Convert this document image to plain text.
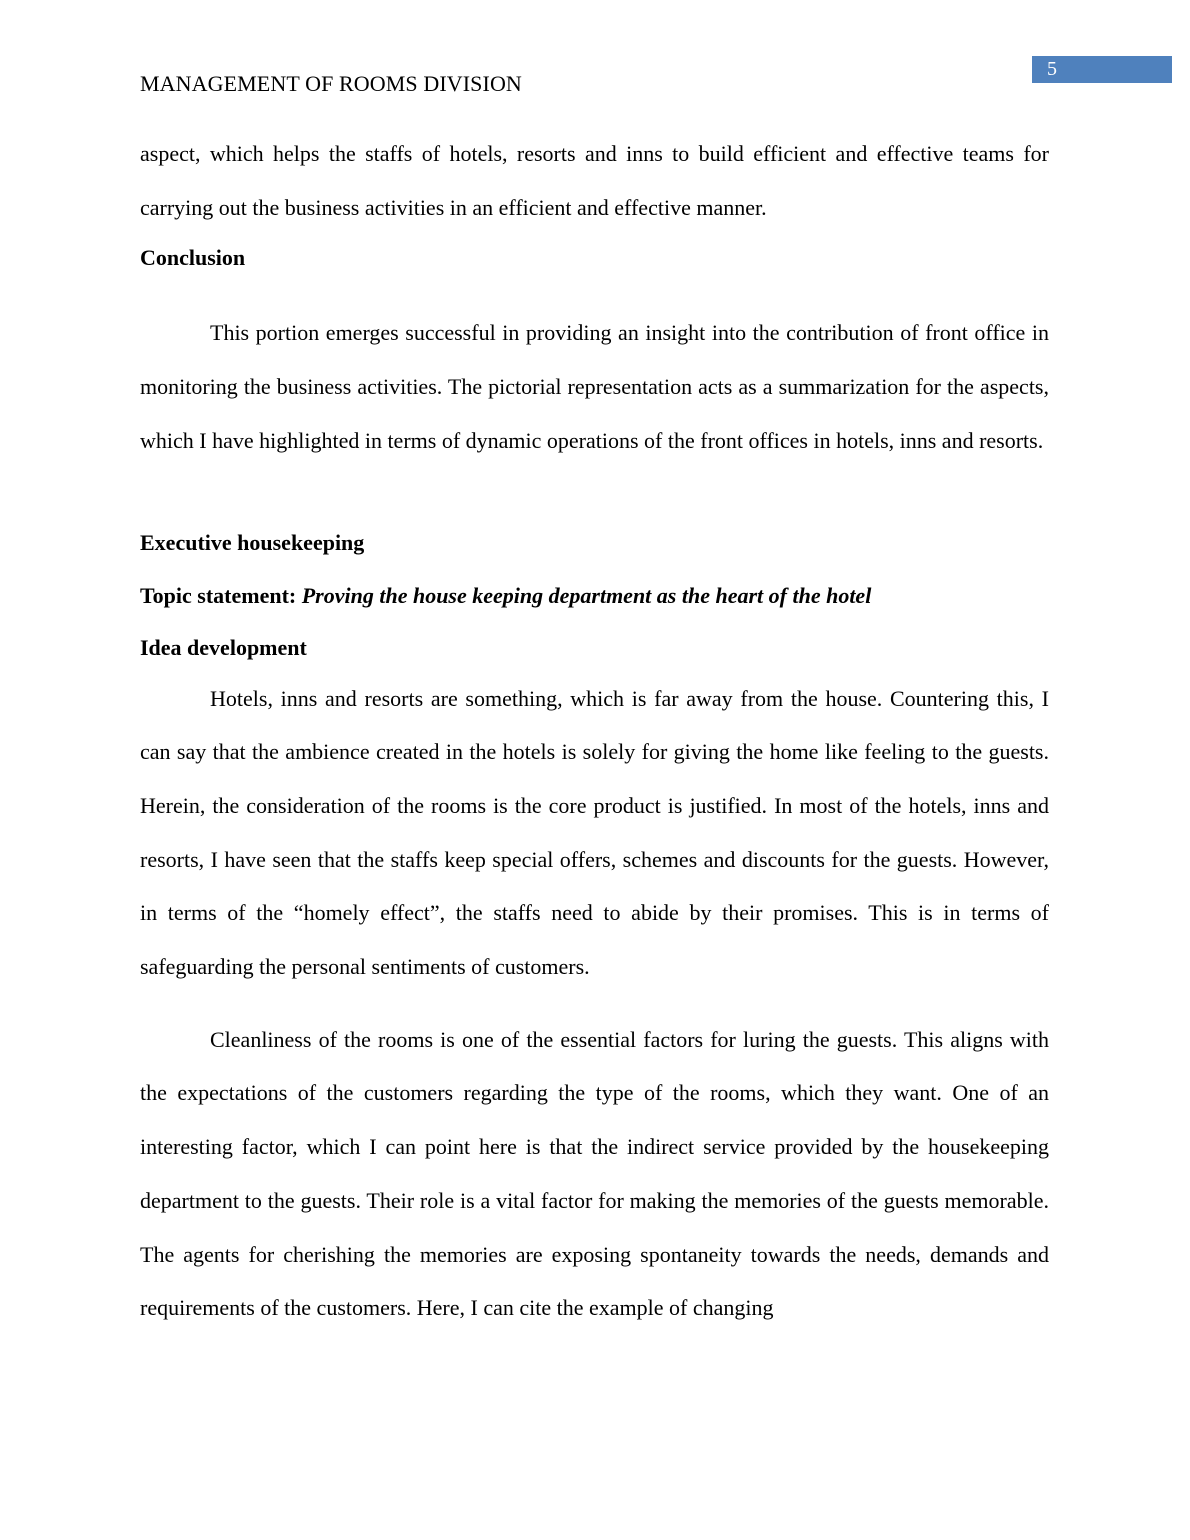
5
MANAGEMENT OF ROOMS DIVISION

aspect, which helps the staffs of hotels, resorts and inns to build efficient and effective teams for carrying out the business activities in an efficient and effective manner.

Conclusion

This portion emerges successful in providing an insight into the contribution of front office in monitoring the business activities. The pictorial representation acts as a summarization for the aspects, which I have highlighted in terms of dynamic operations of the front offices in hotels, inns and resorts.

Executive housekeeping

Topic statement: Proving the house keeping department as the heart of the hotel

Idea development

Hotels, inns and resorts are something, which is far away from the house. Countering this, I can say that the ambience created in the hotels is solely for giving the home like feeling to the guests. Herein, the consideration of the rooms is the core product is justified. In most of the hotels, inns and resorts, I have seen that the staffs keep special offers, schemes and discounts for the guests. However, in terms of the “homely effect”, the staffs need to abide by their promises. This is in terms of safeguarding the personal sentiments of customers.

Cleanliness of the rooms is one of the essential factors for luring the guests. This aligns with the expectations of the customers regarding the type of the rooms, which they want. One of an interesting factor, which I can point here is that the indirect service provided by the housekeeping department to the guests. Their role is a vital factor for making the memories of the guests memorable. The agents for cherishing the memories are exposing spontaneity towards the needs, demands and requirements of the customers. Here, I can cite the example of changing
